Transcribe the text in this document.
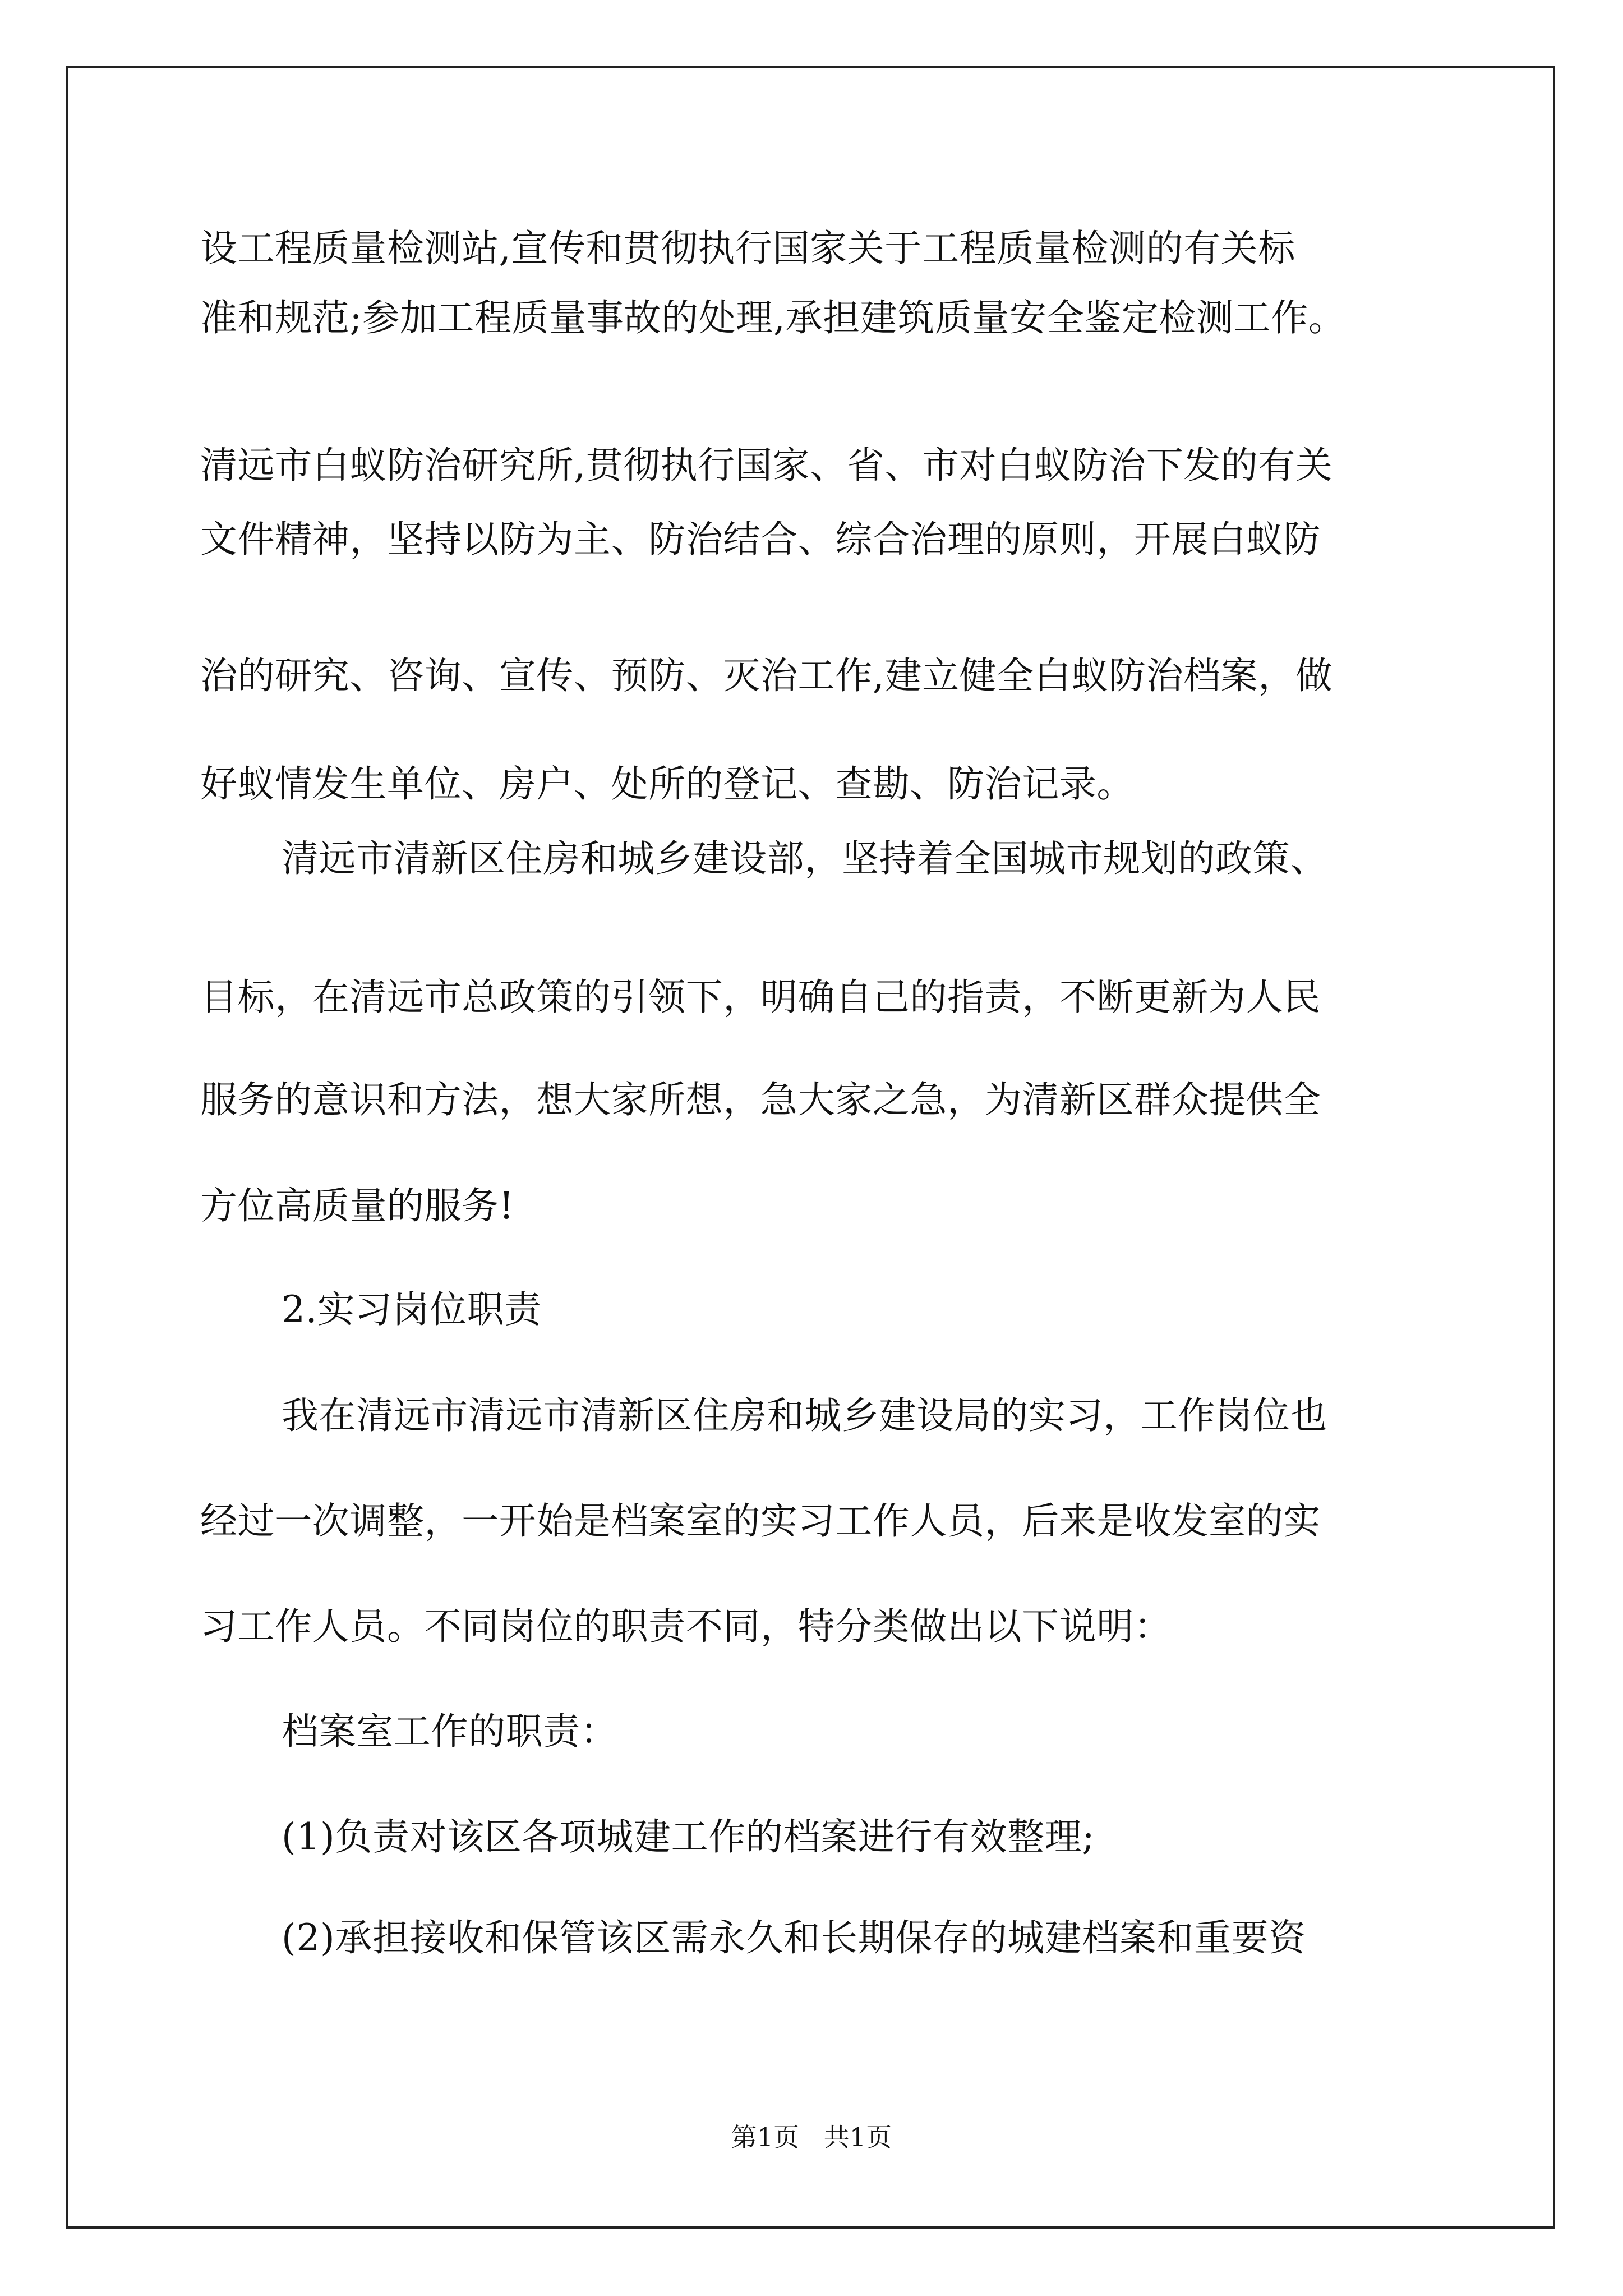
设工程质量检测站,宣传和贯彻执行国家关于工程质量检测的有关标
准和规范;参加工程质量事故的处理,承担建筑质量安全鉴定检测工作。
清远市白蚁防治研究所,贯彻执行国家、省、市对白蚁防治下发的有关
文件精神，坚持以防为主、防治结合、综合治理的原则，开展白蚁防
治的研究、咨询、宣传、预防、灭治工作,建立健全白蚁防治档案，做
好蚁情发生单位、房户、处所的登记、查勘、防治记录。
清远市清新区住房和城乡建设部，坚持着全国城市规划的政策、
目标，在清远市总政策的引领下，明确自己的指责，不断更新为人民
服务的意识和方法，想大家所想，急大家之急，为清新区群众提供全
方位高质量的服务!
2.实习岗位职责
我在清远市清远市清新区住房和城乡建设局的实习，工作岗位也
经过一次调整，一开始是档案室的实习工作人员，后来是收发室的实
习工作人员。不同岗位的职责不同，特分类做出以下说明：
档案室工作的职责：
(1)负责对该区各项城建工作的档案进行有效整理;
(2)承担接收和保管该区需永久和长期保存的城建档案和重要资
第1页   共1页
